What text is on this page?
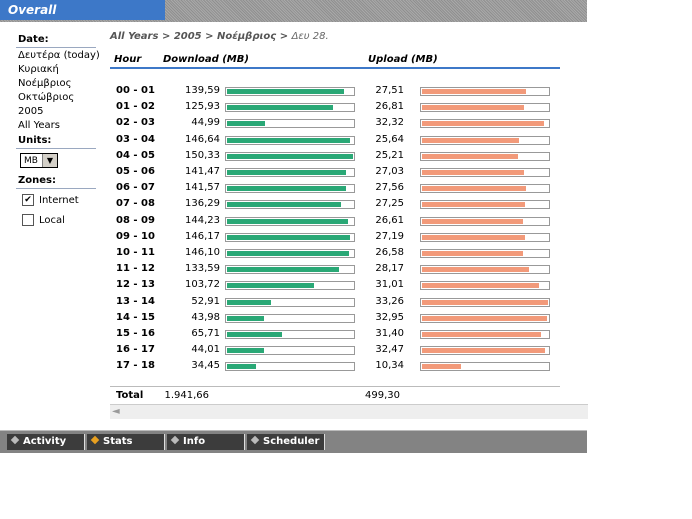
Overall
Date:
Δευτέρα (today)
Κυριακή
Νοέμβριος
Οκτώβριος
2005
All Years
Units:
MB	▼
Zones:
✔ Internet
Local
All Years > 2005 > Νοέμβριος > Δευ 28.
Hour Download (MB)	Upload (MB)
00 - 01	139,59	27,51
01 - 02	125,93	26,81
02 - 03	44,99	32,32
03 - 04	146,64	25,64
04 - 05	150,33	25,21
05 - 06	141,47	27,03
06 - 07	141,57	27,56
07 - 08	136,29	27,25
08 - 09	144,23	26,61
09 - 10	146,17	27,19
10 - 11	146,10	26,58
11 - 12	133,59	28,17
12 - 13	103,72	31,01
13 - 14	52,91	33,26
14 - 15	43,98	32,95
15 - 16	65,71	31,40
16 - 17	44,01	32,47
17 - 18	34,45	10,34
Total	1.941,66	499,30
◄
Activity	Stats	Info	Scheduler
